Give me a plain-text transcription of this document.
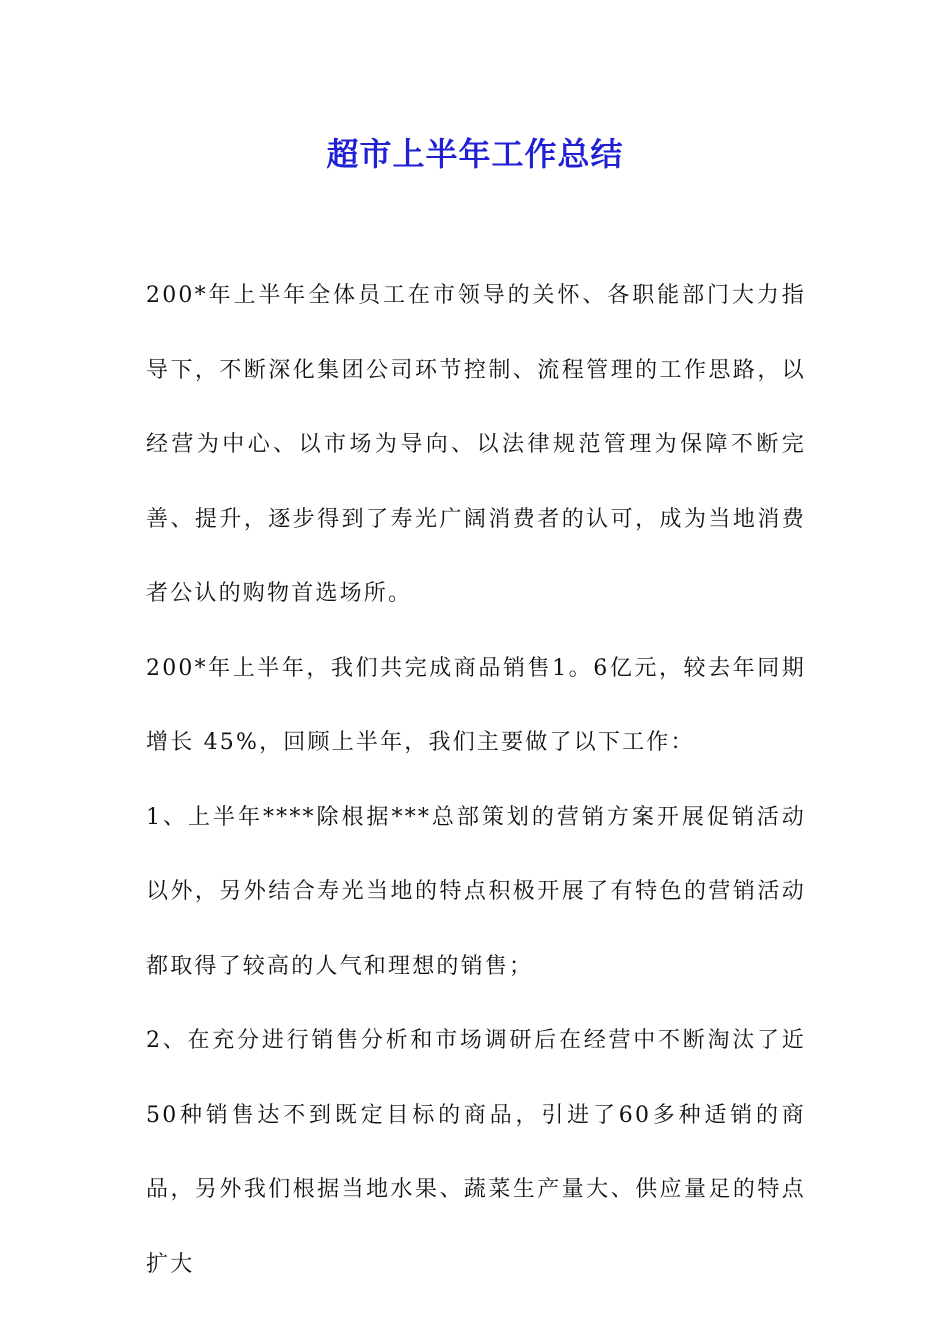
超市上半年工作总结

200*年上半年全体员工在市领导的关怀、各职能部门大力指导下，不断深化集团公司环节控制、流程管理的工作思路，以经营为中心、以市场为导向、以法律规范管理为保障不断完善、提升，逐步得到了寿光广阔消费者的认可，成为当地消费者公认的购物首选场所。

200*年上半年，我们共完成商品销售1。6亿元，较去年同期增长 45%，回顾上半年，我们主要做了以下工作：

1、上半年****除根据***总部策划的营销方案开展促销活动以外，另外结合寿光当地的特点积极开展了有特色的营销活动都取得了较高的人气和理想的销售；

2、在充分进行销售分析和市场调研后在经营中不断淘汰了近50种销售达不到既定目标的商品，引进了60多种适销的商品，另外我们根据当地水果、蔬菜生产量大、供应量足的特点扩大
